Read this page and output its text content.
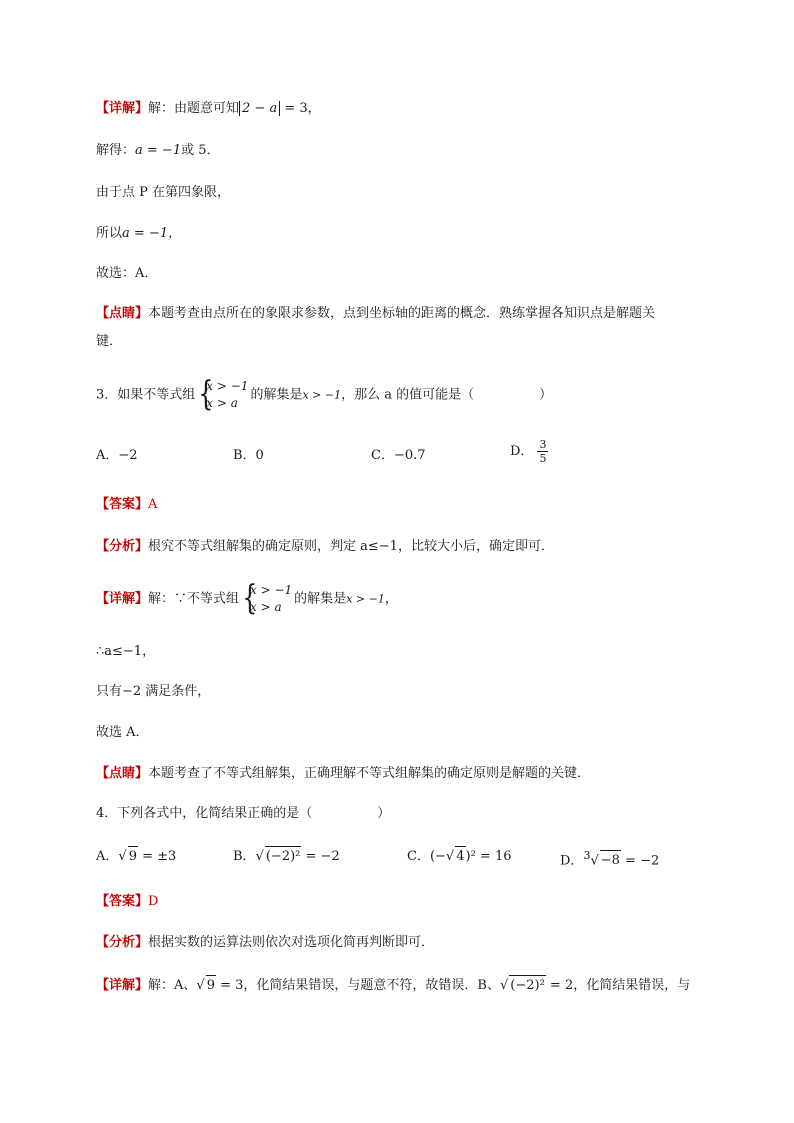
【详解】解：由题意可知 2 − a = 3，
解得：a = −1或 5．
由于点 P 在第四象限，
所以a = −1，
故选：A．
【点睛】本题考查由点所在的象限求参数，点到坐标轴的距离的概念．熟练掌握各知识点是解题关
键．
3．如果不等式组
{ x > −1
x > a
的解集是x > −1，那么 a 的值可能是（　　　　　）
A．−2	B．0	C．−0.7	D． $\frac{3}{5}$
【答案】A
【分析】根究不等式组解集的确定原则，判定 a≤−1，比较大小后，确定即可．
【详解】解：∵不等式组
{ x > −1
x > a
的解集是x > −1，
∴a≤−1，
只有−2 满足条件，
故选 A．
【点睛】本题考查了不等式组解集，正确理解不等式组解集的确定原则是解题的关键．
4．下列各式中，化简结果正确的是（　　　　　）
A．√ 9 = ±3	B．√ (−2)² = −2	C．(−√ 4)² = 16	D．$^3$√ −8 = −2
【答案】D
【分析】根据实数的运算法则依次对选项化简再判断即可．
【详解】解：A、√ 9 = 3，化简结果错误，与题意不符，故错误．B、√ (−2)² = 2，化简结果错误，与
